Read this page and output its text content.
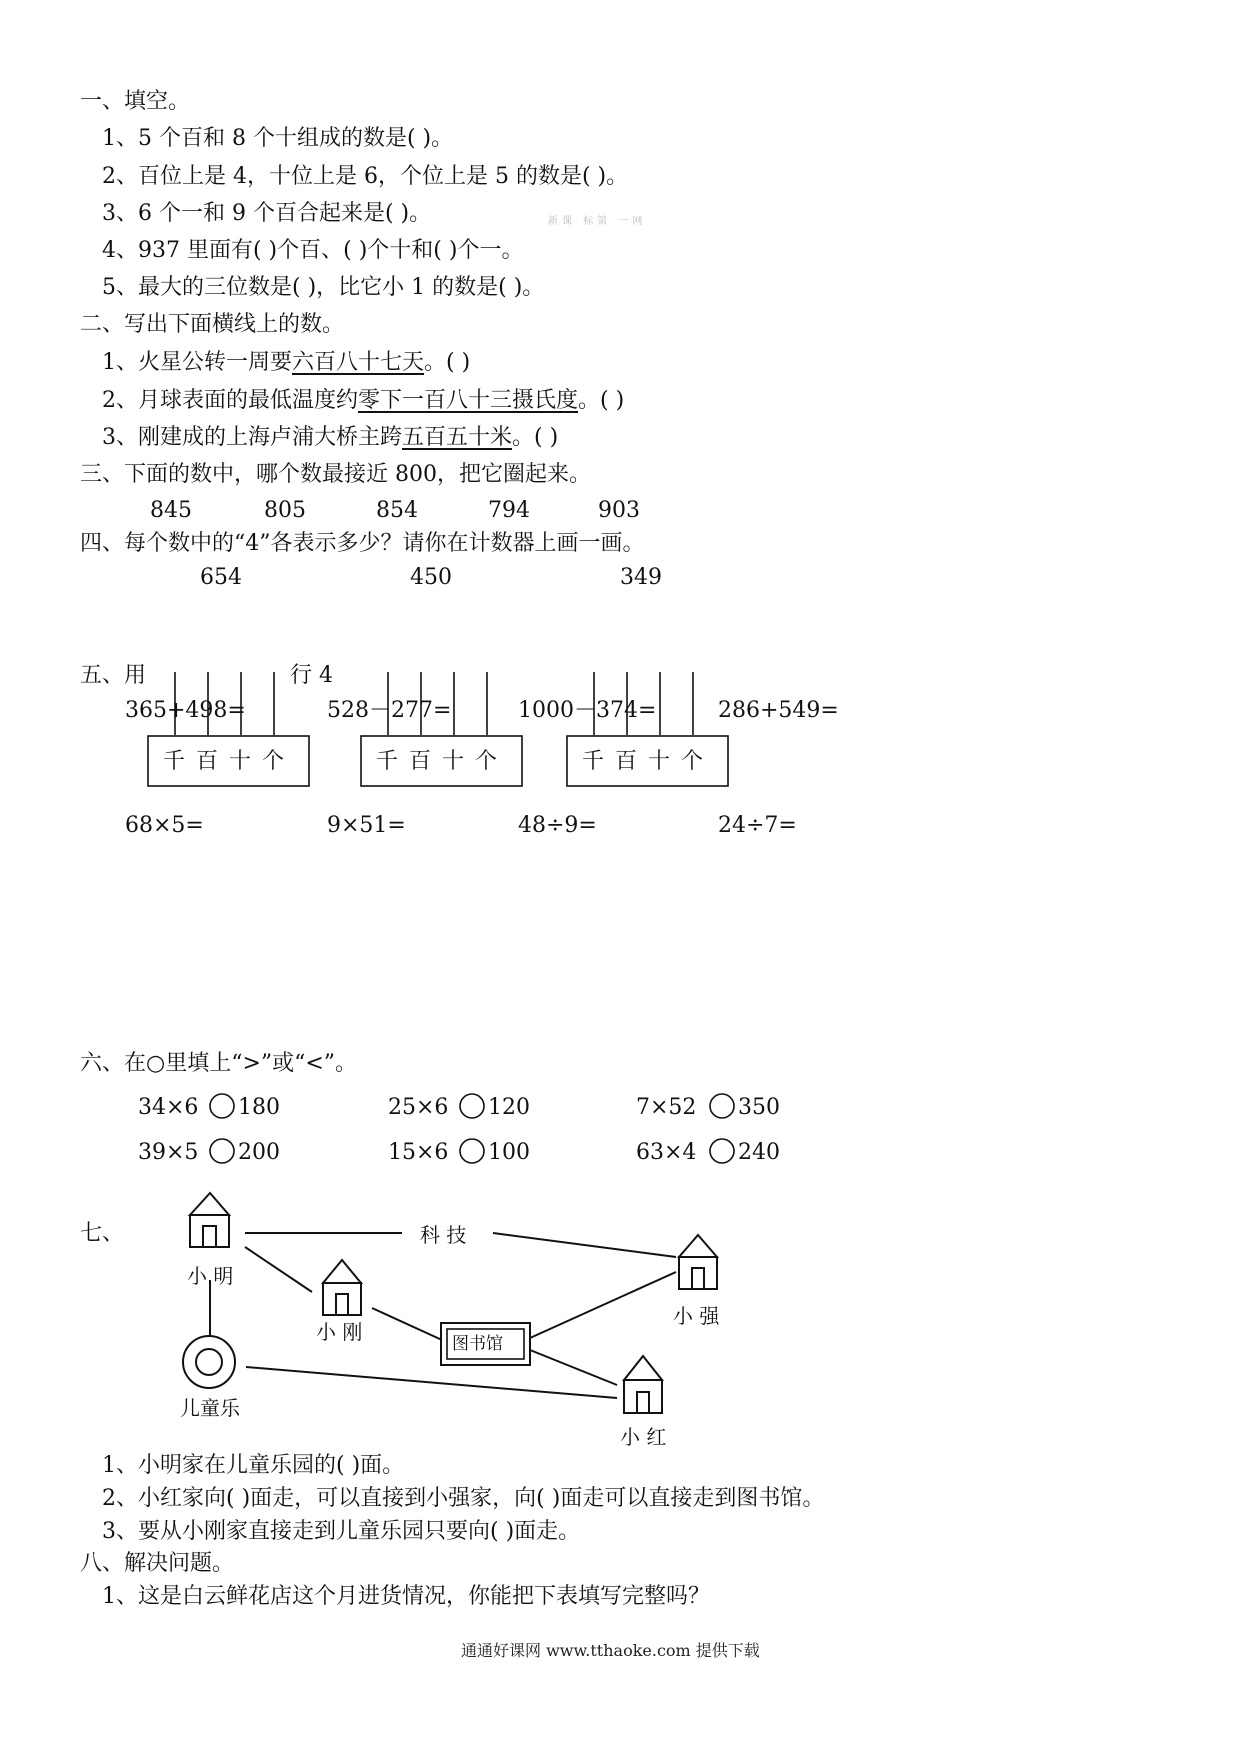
一、填空。
1、5 个百和 8 个十组成的数是( )。
2、百位上是 4，十位上是 6，个位上是 5 的数是( )。
3、6 个一和 9 个百合起来是( )。	新课 标第 一网
4、937 里面有( )个百、( )个十和( )个一。
5、最大的三位数是( )，比它小 1 的数是( )。
二、写出下面横线上的数。
1、火星公转一周要六百八十七天。( )
2、月球表面的最低温度约零下一百八十三摄氏度。( )
3、刚建成的上海卢浦大桥主跨五百五十米。( )
三、下面的数中，哪个数最接近 800，把它圈起来。
845	805	854	794	903
四、每个数中的“4”各表示多少？请你在计数器上画一画。
654	450	349
五、用	行 4
365+498=	528－277=	1000－374=	286+549=
68×5=	9×51=	48÷9=	24÷7=
千 百 十 个	千 百 十 个	千 百 十 个
六、在○里填上“>”或“<”。
34×6 180	25×6 120	7×52 350
39×5 200	15×6 100	63×4 240
七、
小 明
科 技
小 刚
小 强
图书馆
儿童乐
小 红
1、小明家在儿童乐园的( )面。
2、小红家向( )面走，可以直接到小强家，向( )面走可以直接走到图书馆。
3、要从小刚家直接走到儿童乐园只要向( )面走。
八、解决问题。
1、这是白云鲜花店这个月进货情况，你能把下表填写完整吗？
通通好课网 www.tthaoke.com 提供下载
